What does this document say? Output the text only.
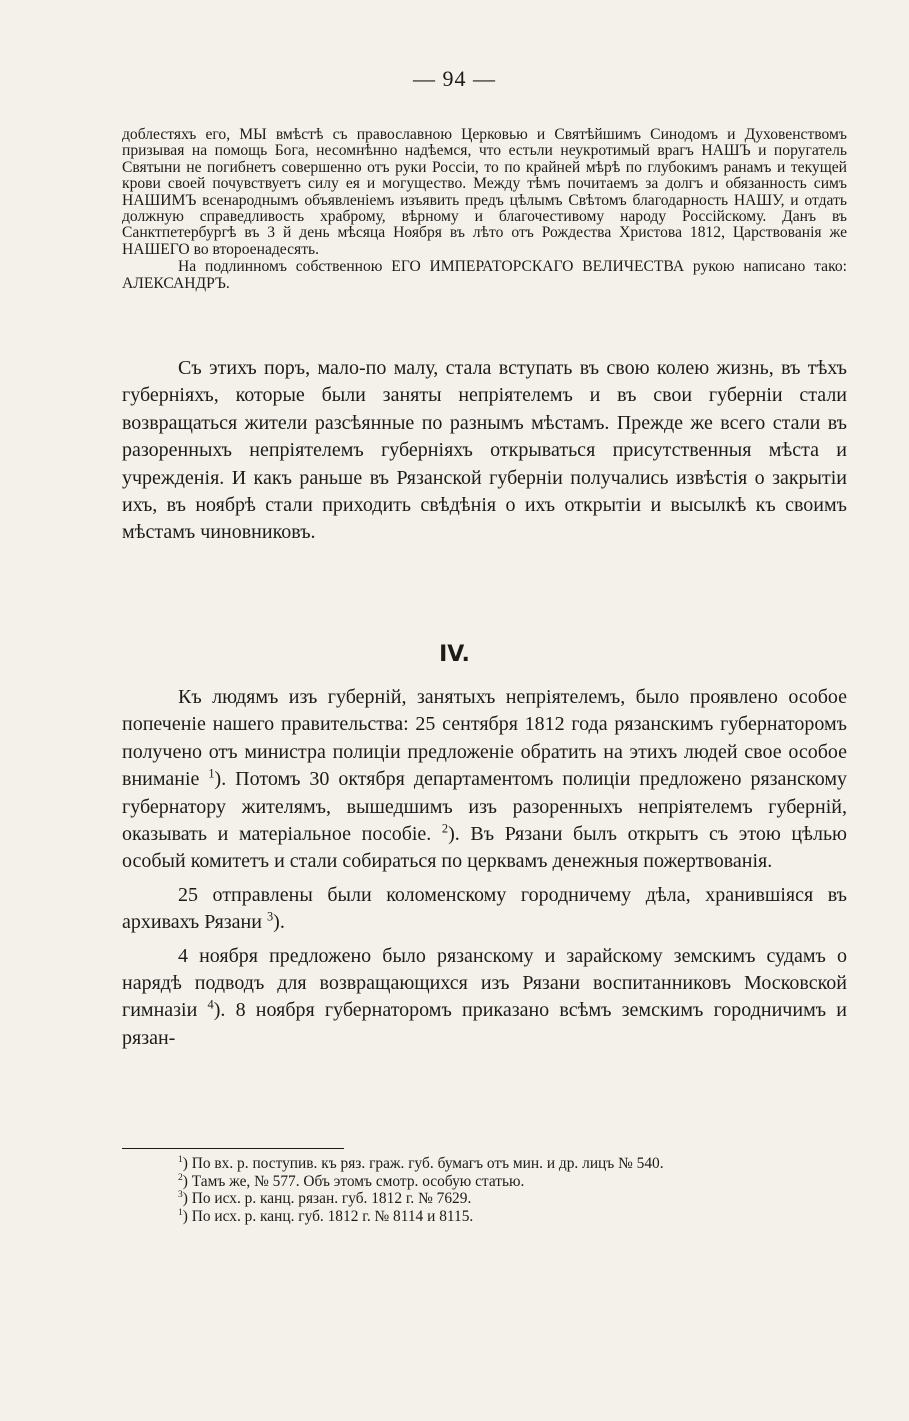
— 94 —

доблестяхъ его, МЫ вмѣстѣ съ православною Церковью и Святѣйшимъ Синодомъ и Духовенствомъ призывая на помощь Бога, несомнѣнно надѣемся, что естьли неукротимый врагъ НАШЪ и поругатель Святыни не погибнетъ совершенно отъ руки Россіи, то по крайней мѣрѣ по глубокимъ ранамъ и текущей крови своей почувствуетъ силу ея и могущество. Между тѣмъ почитаемъ за долгъ и обязанность симъ НАШИМЪ всенароднымъ объявленіемъ изъявить предъ цѣлымъ Свѣтомъ благодарность НАШУ, и отдать должную справедливость храброму, вѣрному и благочестивому народу Россійскому. Данъ въ Санктпетербургѣ въ 3 й день мѣсяца Ноября въ лѣто отъ Рождества Христова 1812, Царствованія же НАШЕГО во второенадесять.

На подлинномъ собственною ЕГО ИМПЕРАТОРСКАГО ВЕЛИЧЕСТВА рукою написано тако: АЛЕКСАНДРЪ.

Съ этихъ поръ, мало-по малу, стала вступать въ свою колею жизнь, въ тѣхъ губерніяхъ, которые были заняты непріятелемъ и въ свои губерніи стали возвращаться жители разсѣянные по разнымъ мѣстамъ. Прежде же всего стали въ разоренныхъ непріятелемъ губерніяхъ открываться присутственныя мѣста и учрежденія. И какъ раньше въ Рязанской губерніи получались извѣстія о закрытіи ихъ, въ ноябрѣ стали приходить свѣдѣнія о ихъ открытіи и высылкѣ къ своимъ мѣстамъ чиновниковъ.

IV.

Къ людямъ изъ губерній, занятыхъ непріятелемъ, было проявлено особое попеченіе нашего правительства: 25 сентября 1812 года рязанскимъ губернаторомъ получено отъ министра полиціи предложеніе обратить на этихъ людей свое особое вниманіе $^1$). Потомъ 30 октября департаментомъ полиціи предложено рязанскому губернатору жителямъ, вышедшимъ изъ разоренныхъ непріятелемъ губерній, оказывать и матеріальное пособіе. $^2$). Въ Рязани былъ открытъ съ этою цѣлью особый комитетъ и стали собираться по церквамъ денежныя пожертвованія.

25 отправлены были коломенскому городничему дѣла, хранившіяся въ архивахъ Рязани $^3$).

4 ноября предложено было рязанскому и зарайскому земскимъ судамъ о нарядѣ подводъ для возвращающихся изъ Рязани воспитанниковъ Московской гимназіи $^4$). 8 ноября губернаторомъ приказано всѣмъ земскимъ городничимъ и рязан-

$^1$) По вх. р. поступив. къ ряз. граж. губ. бумагъ отъ мин. и др. лицъ № 540.

$^2$) Тамъ же, № 577. Объ этомъ смотр. особую статью.

$^3$) По исх. р. канц. рязан. губ. 1812 г. № 7629.

$^1$) По исх. р. канц. губ. 1812 г. № 8114 и 8115.
